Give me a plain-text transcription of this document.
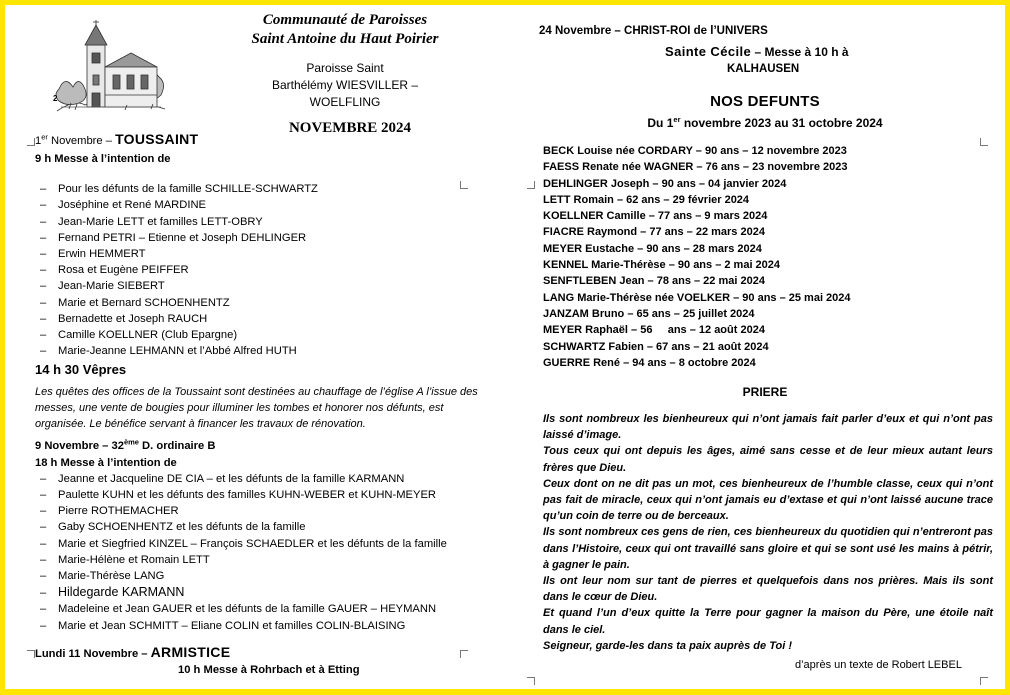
2
Communauté de Paroisses
Saint Antoine du Haut Poirier
Paroisse Saint
Barthélémy WIESVILLER –
WOELFLING
NOVEMBRE 2024
1er Novembre – TOUSSAINT
9 h Messe à l’intention de
– Pour les défunts de la famille SCHILLE-SCHWARTZ
– Joséphine et René MARDINE
– Jean-Marie LETT et familles LETT-OBRY
– Fernand PETRI – Etienne et Joseph DEHLINGER
– Erwin HEMMERT
– Rosa et Eugène PEIFFER
– Jean-Marie SIEBERT
– Marie et Bernard SCHOENHENTZ
– Bernadette et Joseph RAUCH
– Camille KOELLNER (Club Epargne)
– Marie-Jeanne LEHMANN et l’Abbé Alfred HUTH
14 h 30 Vêpres
Les quêtes des offices de la Toussaint sont destinées au chauffage de l’église A l’issue des messes, une vente de bougies pour illuminer les tombes et honorer nos défunts, est organisée. Le bénéfice servant à financer les travaux de rénovation.
9 Novembre – 32ème D. ordinaire B
18 h Messe à l’intention de
– Jeanne et Jacqueline DE CIA – et les défunts de la famille KARMANN
– Paulette KUHN et les défunts des familles KUHN-WEBER et KUHN-MEYER
– Pierre ROTHEMACHER
– Gaby SCHOENHENTZ et les défunts de la famille
– Marie et Siegfried KINZEL – François SCHAEDLER et les défunts de la famille
– Marie-Hélène et Romain LETT
– Marie-Thérèse LANG
– Hildegarde KARMANN
– Madeleine et Jean GAUER et les défunts de la famille GAUER – HEYMANN
– Marie et Jean SCHMITT – Eliane COLIN et familles COLIN-BLAISING
Lundi 11 Novembre – ARMISTICE
10 h Messe à Rohrbach et à Etting
24 Novembre – CHRIST-ROI de l’UNIVERS
Sainte Cécile – Messe à 10 h à
KALHAUSEN
NOS DEFUNTS
Du 1er novembre 2023 au 31 octobre 2024
BECK Louise née CORDARY – 90 ans – 12 novembre 2023
FAESS Renate née WAGNER – 76 ans – 23 novembre 2023
DEHLINGER Joseph – 90 ans – 04 janvier 2024
LETT Romain – 62 ans – 29 février 2024
KOELLNER Camille – 77 ans – 9 mars 2024
FIACRE Raymond – 77 ans – 22 mars 2024
MEYER Eustache – 90 ans – 28 mars 2024
KENNEL Marie-Thérèse – 90 ans – 2 mai 2024
SENFTLEBEN Jean – 78 ans – 22 mai 2024
LANG Marie-Thérèse née VOELKER – 90 ans – 25 mai 2024
JANZAM Bruno – 65 ans – 25 juillet 2024
MEYER Raphaël – 56     ans – 12 août 2024
SCHWARTZ Fabien – 67 ans – 21 août 2024
GUERRE René – 94 ans – 8 octobre 2024
PRIERE

Ils sont nombreux les bienheureux qui n’ont jamais fait parler d’eux et qui n’ont pas laissé d’image.

Tous ceux qui ont depuis les âges, aimé sans cesse et de leur mieux autant leurs frères que Dieu.

Ceux dont on ne dit pas un mot, ces bienheureux de l’humble classe, ceux qui n’ont pas fait de miracle, ceux qui n’ont jamais eu d’extase et qui n’ont laissé aucune trace qu’un coin de terre ou de berceaux.

Ils sont nombreux ces gens de rien, ces bienheureux du quotidien qui n’entreront pas dans l’Histoire, ceux qui ont travaillé sans gloire et qui se sont usé les mains à pétrir, à gagner le pain.

Ils ont leur nom sur tant de pierres et quelquefois dans nos prières. Mais ils sont dans le cœur de Dieu.

Et quand l’un d’eux quitte la Terre pour gagner la maison du Père, une étoile naît dans le ciel.

Seigneur, garde-les dans ta paix auprès de Toi !

d’après un texte de Robert LEBEL
